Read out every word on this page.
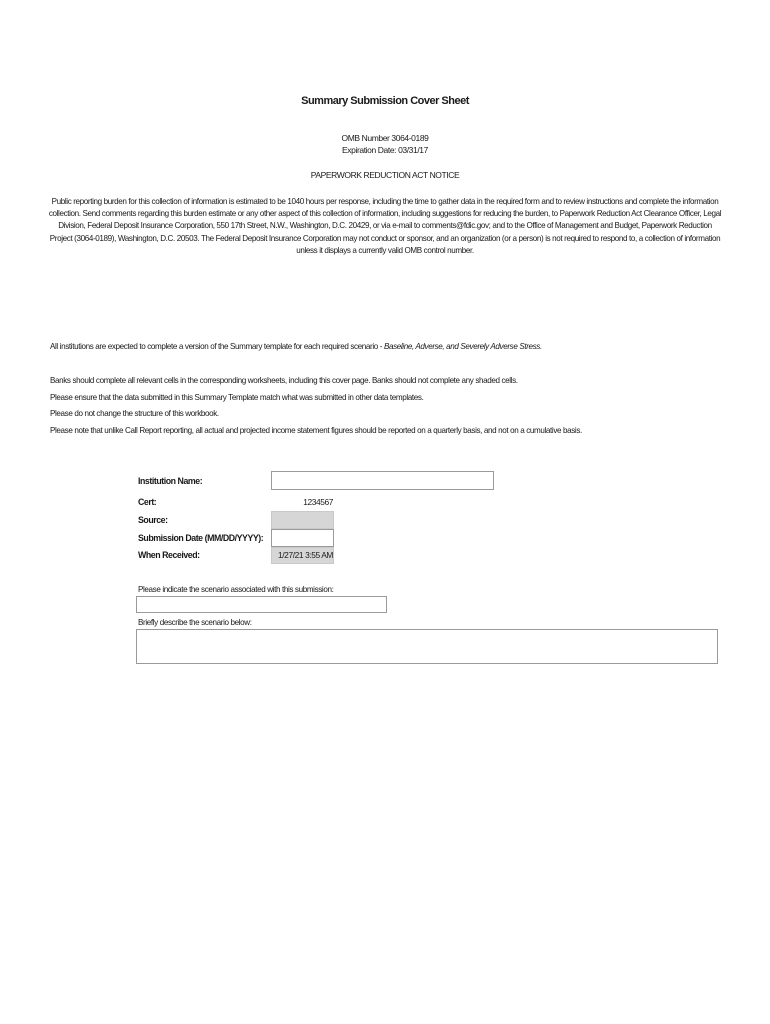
Summary Submission Cover Sheet
OMB Number 3064-0189
Expiration Date: 03/31/17
PAPERWORK REDUCTION ACT NOTICE
Public reporting burden for this collection of information is estimated to be 1040 hours per response, including the time to gather data in the required form and to review instructions and complete the information collection. Send comments regarding this burden estimate or any other aspect of this collection of information, including suggestions for reducing the burden, to Paperwork Reduction Act Clearance Officer, Legal Division, Federal Deposit Insurance Corporation, 550 17th Street, N.W., Washington, D.C. 20429, or via e-mail to comments@fdic.gov; and to the Office of Management and Budget, Paperwork Reduction Project (3064-0189), Washington, D.C. 20503. The Federal Deposit Insurance Corporation may not conduct or sponsor, and an organization (or a person) is not required to respond to, a collection of information unless it displays a currently valid OMB control number.
All institutions are expected to complete a version of the Summary template for each required scenario - Baseline, Adverse, and Severely Adverse Stress.
Banks should complete all relevant cells in the corresponding worksheets, including this cover page. Banks should not complete any shaded cells.
Please ensure that the data submitted in this Summary Template match what was submitted in other data templates.
Please do not change the structure of this workbook.
Please note that unlike Call Report reporting, all actual and projected income statement figures should be reported on a quarterly basis, and not on a cumulative basis.
Institution Name:
Cert:	1234567
Source:
Submission Date (MM/DD/YYYY):
When Received:	1/27/21 3:55 AM
Please indicate the scenario associated with this submission:
Briefly describe the scenario below:
